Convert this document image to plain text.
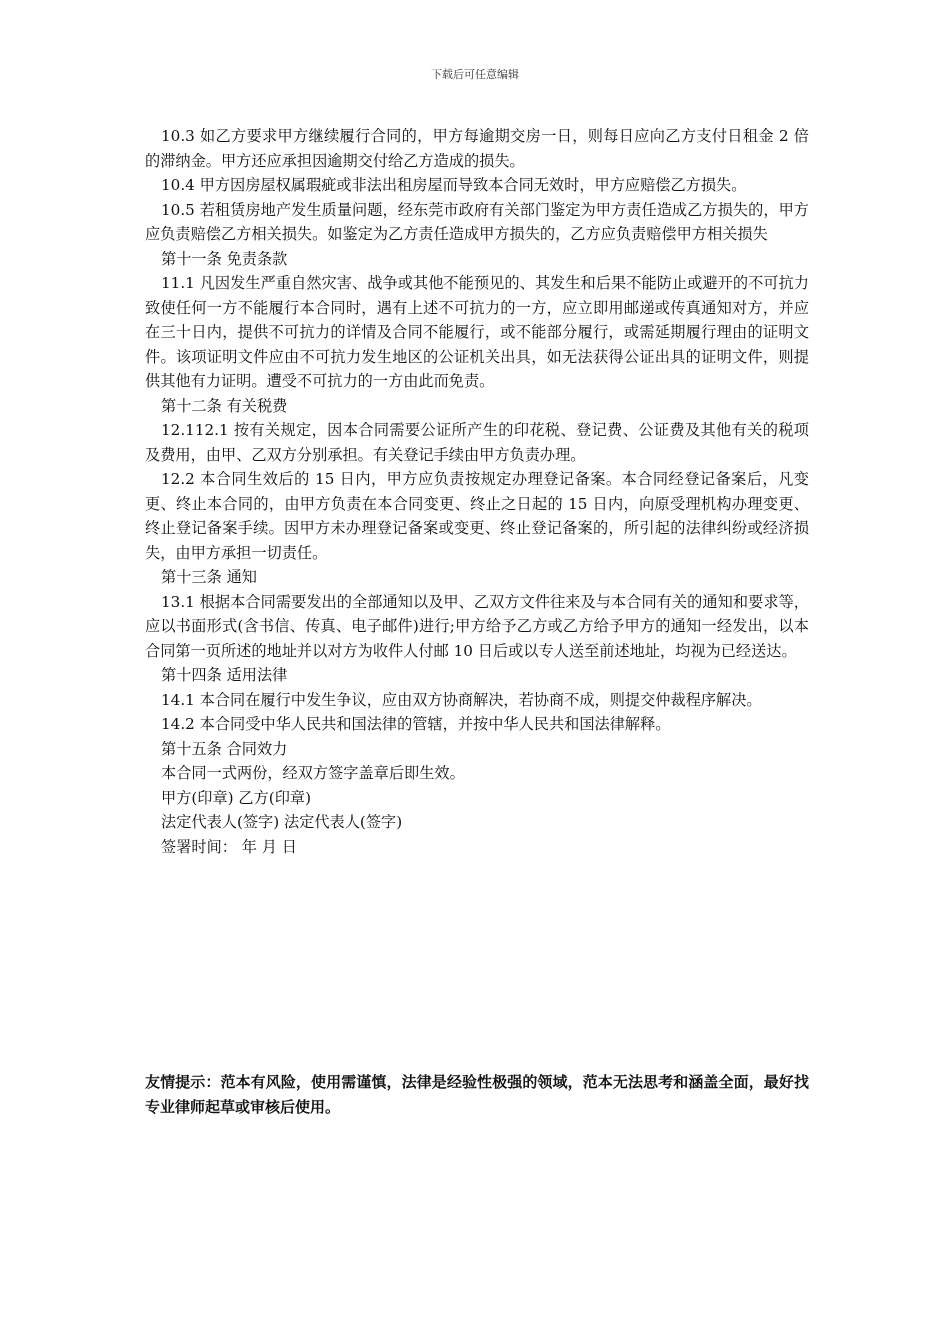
下载后可任意编辑

10.3 如乙方要求甲方继续履行合同的，甲方每逾期交房一日，则每日应向乙方支付日租金 2 倍的滞纳金。甲方还应承担因逾期交付给乙方造成的损失。

10.4 甲方因房屋权属瑕疵或非法出租房屋而导致本合同无效时，甲方应赔偿乙方损失。

10.5 若租赁房地产发生质量问题，经东莞市政府有关部门鉴定为甲方责任造成乙方损失的，甲方应负责赔偿乙方相关损失。如鉴定为乙方责任造成甲方损失的，乙方应负责赔偿甲方相关损失

第十一条 免责条款

11.1 凡因发生严重自然灾害、战争或其他不能预见的、其发生和后果不能防止或避开的不可抗力致使任何一方不能履行本合同时，遇有上述不可抗力的一方，应立即用邮递或传真通知对方，并应在三十日内，提供不可抗力的详情及合同不能履行，或不能部分履行，或需延期履行理由的证明文件。该项证明文件应由不可抗力发生地区的公证机关出具，如无法获得公证出具的证明文件，则提供其他有力证明。遭受不可抗力的一方由此而免责。

第十二条 有关税费

12.112.1 按有关规定，因本合同需要公证所产生的印花税、登记费、公证费及其他有关的税项及费用，由甲、乙双方分别承担。有关登记手续由甲方负责办理。

12.2 本合同生效后的 15 日内，甲方应负责按规定办理登记备案。本合同经登记备案后，凡变更、终止本合同的，由甲方负责在本合同变更、终止之日起的 15 日内，向原受理机构办理变更、终止登记备案手续。因甲方未办理登记备案或变更、终止登记备案的，所引起的法律纠纷或经济损失，由甲方承担一切责任。

第十三条 通知

13.1 根据本合同需要发出的全部通知以及甲、乙双方文件往来及与本合同有关的通知和要求等，应以书面形式(含书信、传真、电子邮件)进行;甲方给予乙方或乙方给予甲方的通知一经发出，以本合同第一页所述的地址并以对方为收件人付邮 10 日后或以专人送至前述地址，均视为已经送达。

第十四条 适用法律

14.1 本合同在履行中发生争议，应由双方协商解决，若协商不成，则提交仲裁程序解决。

14.2 本合同受中华人民共和国法律的管辖，并按中华人民共和国法律解释。

第十五条 合同效力

本合同一式两份，经双方签字盖章后即生效。

甲方(印章) 乙方(印章)

法定代表人(签字) 法定代表人(签字)

签署时间： 年 月 日

友情提示：范本有风险，使用需谨慎，法律是经验性极强的领域，范本无法思考和涵盖全面，最好找专业律师起草或审核后使用。
